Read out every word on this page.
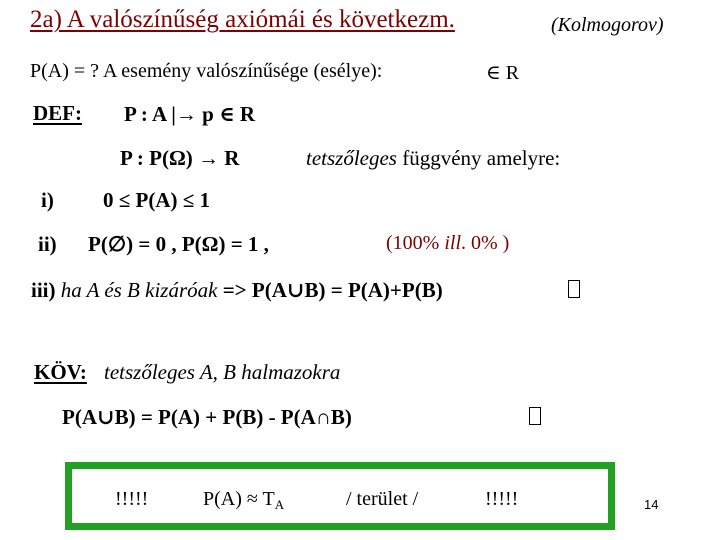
2a) A valószínűség axiómái és következm.	(Kolmogorov)
P(A) = ? A esemény valószínűsége (esélye):	∈ R
DEF: P : A |→ p ∈ R
P : P(Ω) → R	tetszőleges függvény amelyre:
i) 0 ≤ P(A) ≤ 1
ii) P(∅) = 0 , P(Ω) = 1 ,	(100% ill. 0% )
iii) ha A és B kizáróak => P(A∪B) = P(A)+P(B)
KÖV: tetszőleges A, B halmazokra
P(A∪B) = P(A) + P(B) - P(A∩B)
!!!!!	$P(A) \approx T_A$	/ terület /	!!!!!	14
